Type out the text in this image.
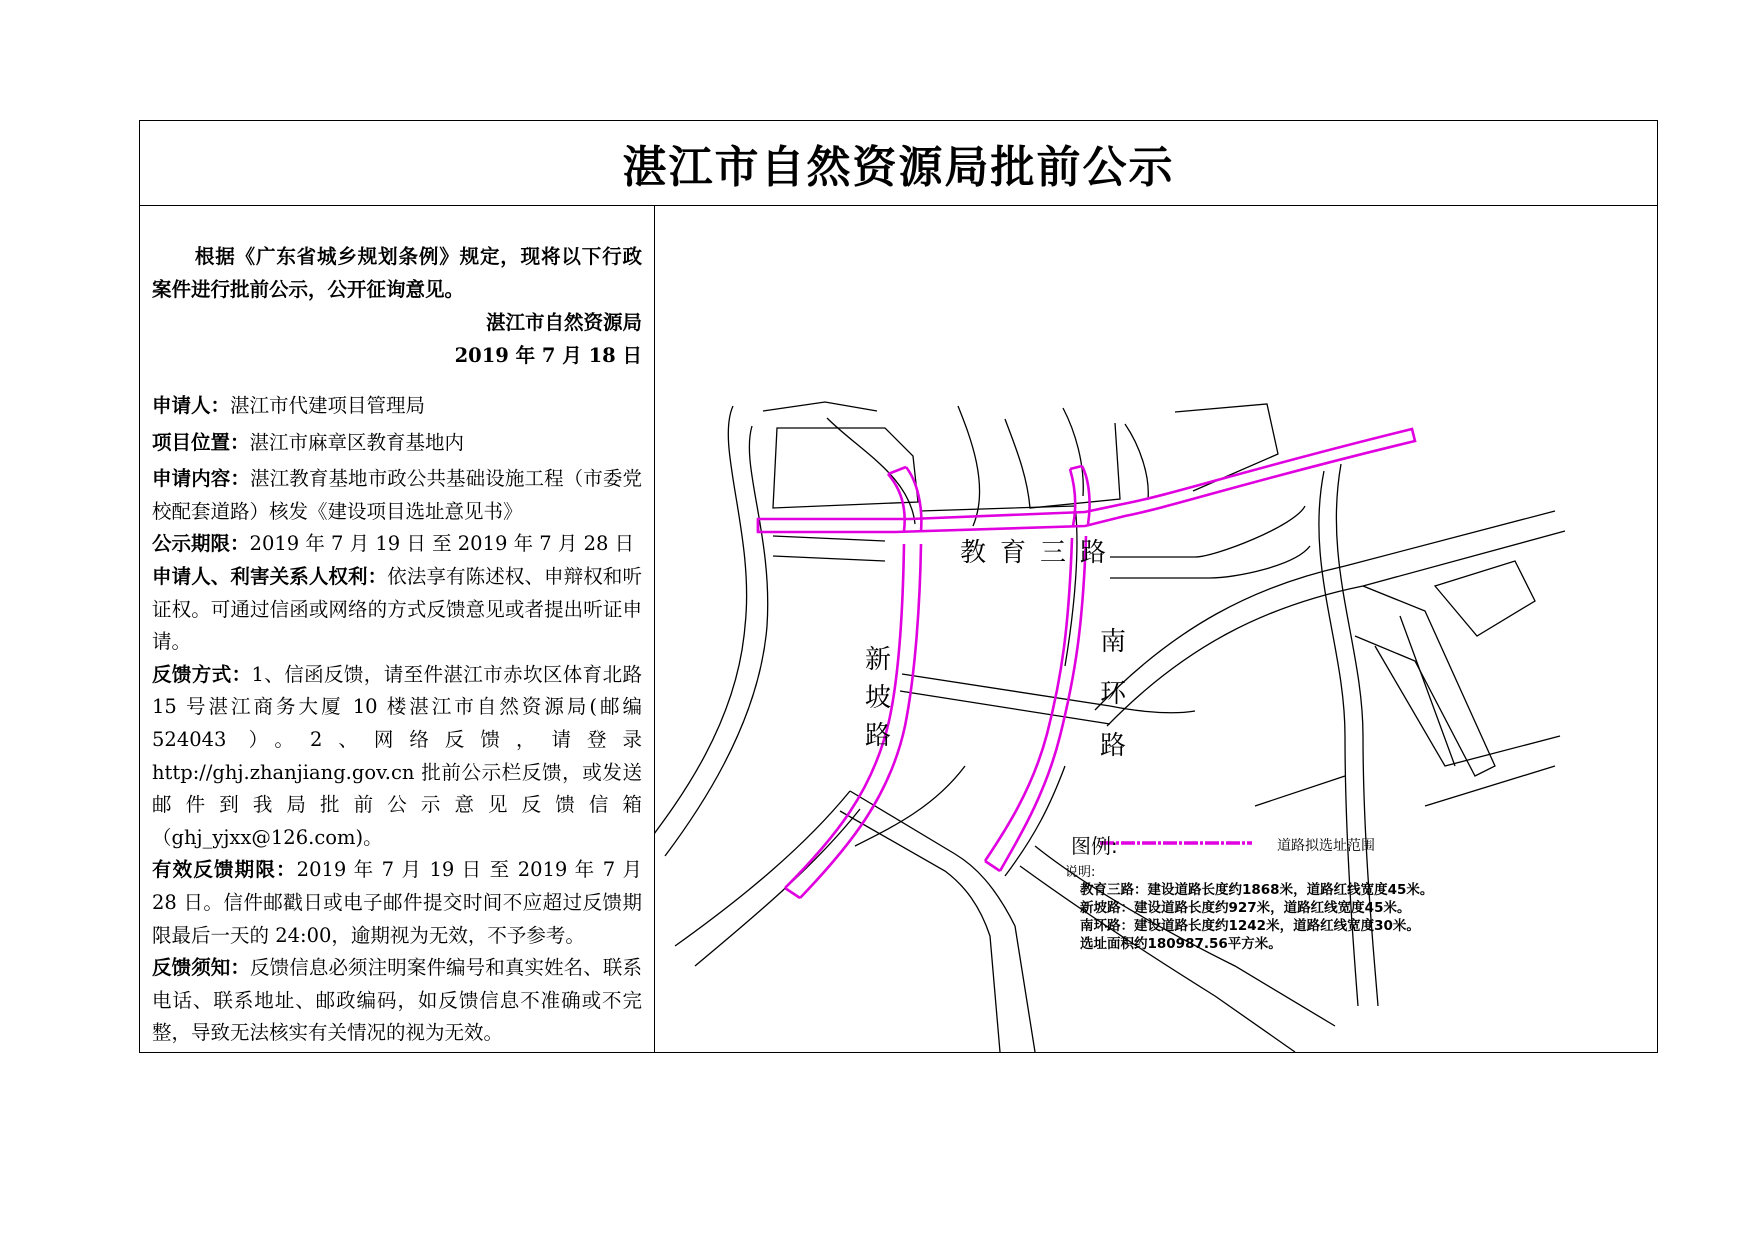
湛江市自然资源局批前公示
根据《广东省城乡规划条例》规定，现将以下行政案件进行批前公示，公开征询意见。
湛江市自然资源局
2019 年 7 月 18 日

申请人：湛江市代建项目管理局

项目位置：湛江市麻章区教育基地内

申请内容：湛江教育基地市政公共基础设施工程（市委党校配套道路）核发《建设项目选址意见书》

公示期限：2019 年 7 月 19 日 至 2019 年 7 月 28 日

申请人、利害关系人权利：依法享有陈述权、申辩权和听证权。可通过信函或网络的方式反馈意见或者提出听证申请。

反馈方式：1、信函反馈，请至件湛江市赤坎区体育北路 15 号湛江商务大厦 10 楼湛江市自然资源局(邮编 524043 ）。2、网络反馈，请登录 http://ghj.zhanjiang.gov.cn 批前公示栏反馈，或发送邮件到我局批前公示意见反馈信箱（ghj_yjxx@126.com)。

有效反馈期限：2019 年 7 月 19 日 至 2019 年 7 月 28 日。信件邮戳日或电子邮件提交时间不应超过反馈期限最后一天的 24:00，逾期视为无效，不予参考。

反馈须知：反馈信息必须注明案件编号和真实姓名、联系电话、联系地址、邮政编码，如反馈信息不准确或不完整，导致无法核实有关情况的视为无效。

教育三路
新坡路
南环路
图例:	道路拟选址范围
说明:
教育三路：建设道路长度约1868米，道路红线宽度45米。
新坡路：建设道路长度约927米，道路红线宽度45米。
南环路：建设道路长度约1242米，道路红线宽度30米。
选址面积约180987.56平方米。
